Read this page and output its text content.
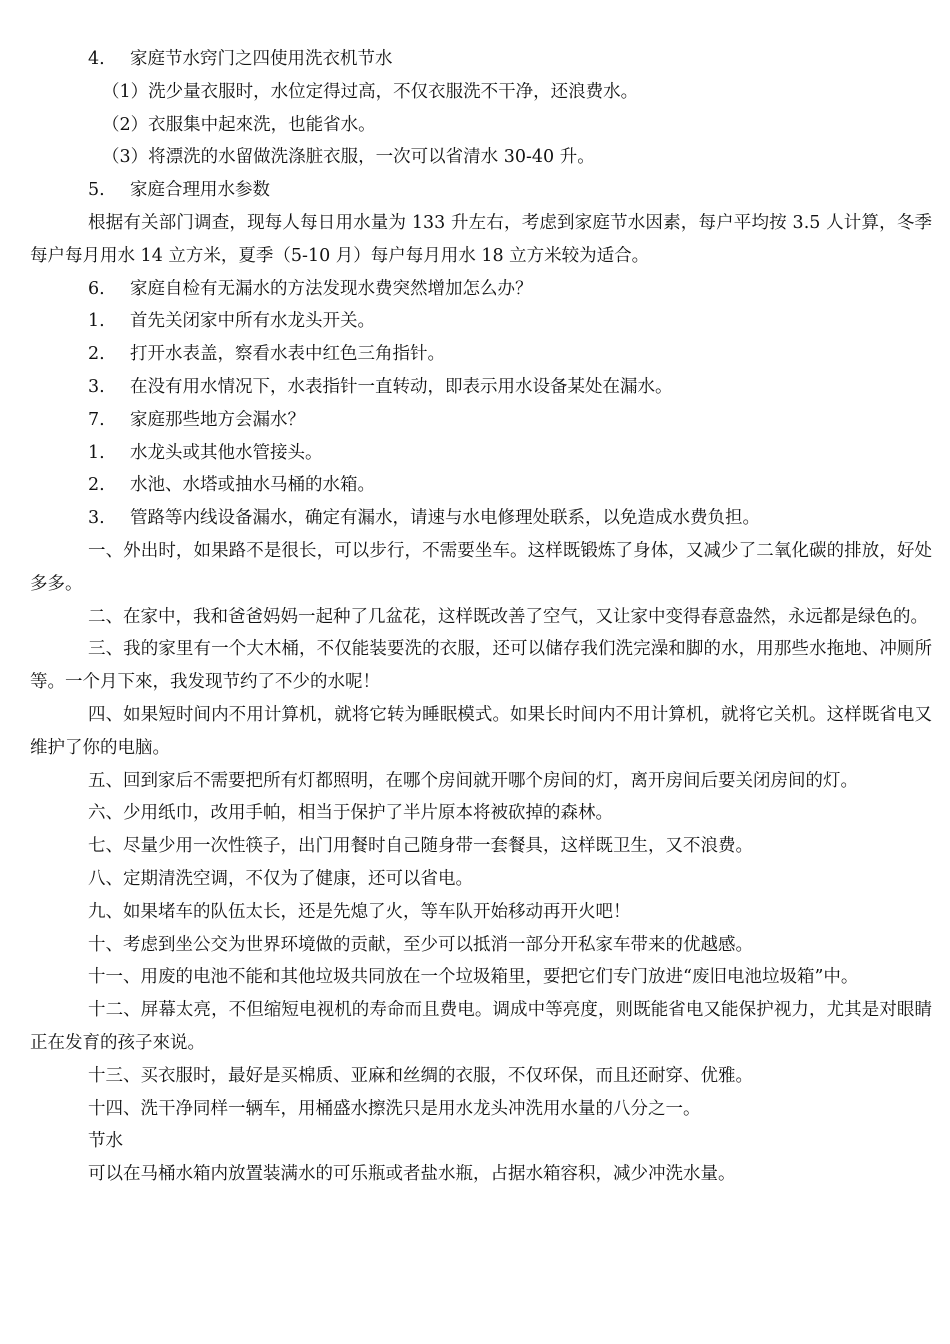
4. 家庭节水窍门之四使用洗衣机节水
（1）洗少量衣服时，水位定得过高，不仅衣服洗不干净，还浪费水。
（2）衣服集中起來洗，也能省水。
（3）将漂洗的水留做洗涤脏衣服，一次可以省清水 30-40 升。
5. 家庭合理用水参数
根据有关部门调查，现每人每日用水量为 133 升左右，考虑到家庭节水因素，每户平均按 3.5 人计算，冬季每户每月用水 14 立方米，夏季（5-10 月）每户每月用水 18 立方米较为适合。
6. 家庭自检有无漏水的方法发现水费突然增加怎么办？
1. 首先关闭家中所有水龙头开关。
2. 打开水表盖，察看水表中红色三角指针。
3. 在没有用水情况下，水表指针一直转动，即表示用水设备某处在漏水。
7. 家庭那些地方会漏水？
1. 水龙头或其他水管接头。
2. 水池、水塔或抽水马桶的水箱。
3. 管路等内线设备漏水，确定有漏水，请速与水电修理处联系，以免造成水费负担。
一、外出时，如果路不是很长，可以步行，不需要坐车。这样既锻炼了身体，又减少了二氧化碳的排放，好处多多。
二、在家中，我和爸爸妈妈一起种了几盆花，这样既改善了空气，又让家中变得春意盎然，永远都是绿色的。
三、我的家里有一个大木桶，不仅能装要洗的衣服，还可以储存我们洗完澡和脚的水，用那些水拖地、冲厕所等。一个月下來，我发现节约了不少的水呢！
四、如果短时间内不用计算机，就将它转为睡眠模式。如果长时间内不用计算机，就将它关机。这样既省电又维护了你的电脑。
五、回到家后不需要把所有灯都照明，在哪个房间就开哪个房间的灯，离开房间后要关闭房间的灯。
六、少用纸巾，改用手帕，相当于保护了半片原本将被砍掉的森林。
七、尽量少用一次性筷子，出门用餐时自己随身带一套餐具，这样既卫生，又不浪费。
八、定期清洗空调，不仅为了健康，还可以省电。
九、如果堵车的队伍太长，还是先熄了火，等车队开始移动再开火吧！
十、考虑到坐公交为世界环境做的贡献，至少可以抵消一部分开私家车带来的优越感。
十一、用废的电池不能和其他垃圾共同放在一个垃圾箱里，要把它们专门放进“废旧电池垃圾箱”中。
十二、屏幕太亮，不但缩短电视机的寿命而且费电。调成中等亮度，则既能省电又能保护视力，尤其是对眼睛正在发育的孩子來说。
十三、买衣服时，最好是买棉质、亚麻和丝绸的衣服，不仅环保，而且还耐穿、优雅。
十四、洗干净同样一辆车，用桶盛水擦洗只是用水龙头冲洗用水量的八分之一。
节水
可以在马桶水箱内放置装满水的可乐瓶或者盐水瓶，占据水箱容积，减少冲洗水量。
